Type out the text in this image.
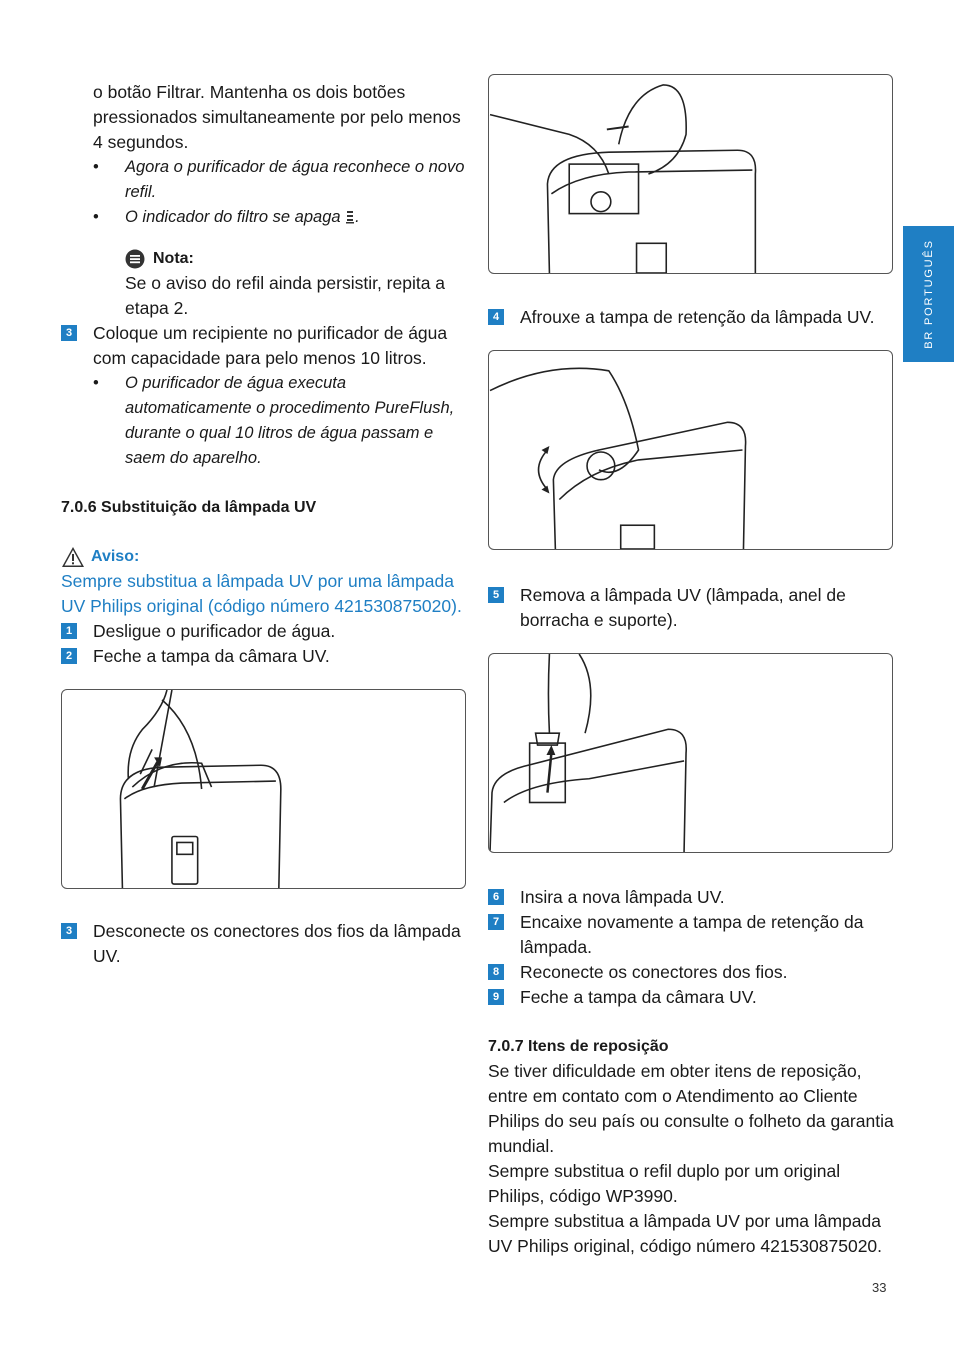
BR PORTUGUÊS

o botão Filtrar. Mantenha os dois botões pressionados simultaneamente por pelo menos 4 segundos.

• Agora o purificador de água reconhece o novo refil.
• O indicador do filtro se apaga .
Nota:

Se o aviso do refil ainda persistir, repita a etapa 2.

3 Coloque um recipiente no purificador de água com capacidade para pelo menos 10 litros.
• O purificador de água executa automaticamente o procedimento PureFlush, durante o qual 10 litros de água passam e saem do aparelho.

7.0.6 Substituição da lâmpada UV

Aviso:

Sempre substitua a lâmpada UV por uma lâmpada UV Philips original (código número 421530875020).

1 Desligue o purificador de água.
2 Feche a tampa da câmara UV.
3 Desconecte os conectores dos fios da lâmpada UV.
4 Afrouxe a tampa de retenção da lâmpada UV.
5 Remova a lâmpada UV (lâmpada, anel de borracha e suporte).
6 Insira a nova lâmpada UV.
7 Encaixe novamente a tampa de retenção da lâmpada.
8 Reconecte os conectores dos fios.
9 Feche a tampa da câmara UV.

7.0.7 Itens de reposição

Se tiver dificuldade em obter itens de reposição, entre em contato com o Atendimento ao Cliente Philips do seu país ou consulte o folheto da garantia mundial.

Sempre substitua o refil duplo por um original Philips, código WP3990.

Sempre substitua a lâmpada UV por uma lâmpada UV Philips original, código número 421530875020.

33
